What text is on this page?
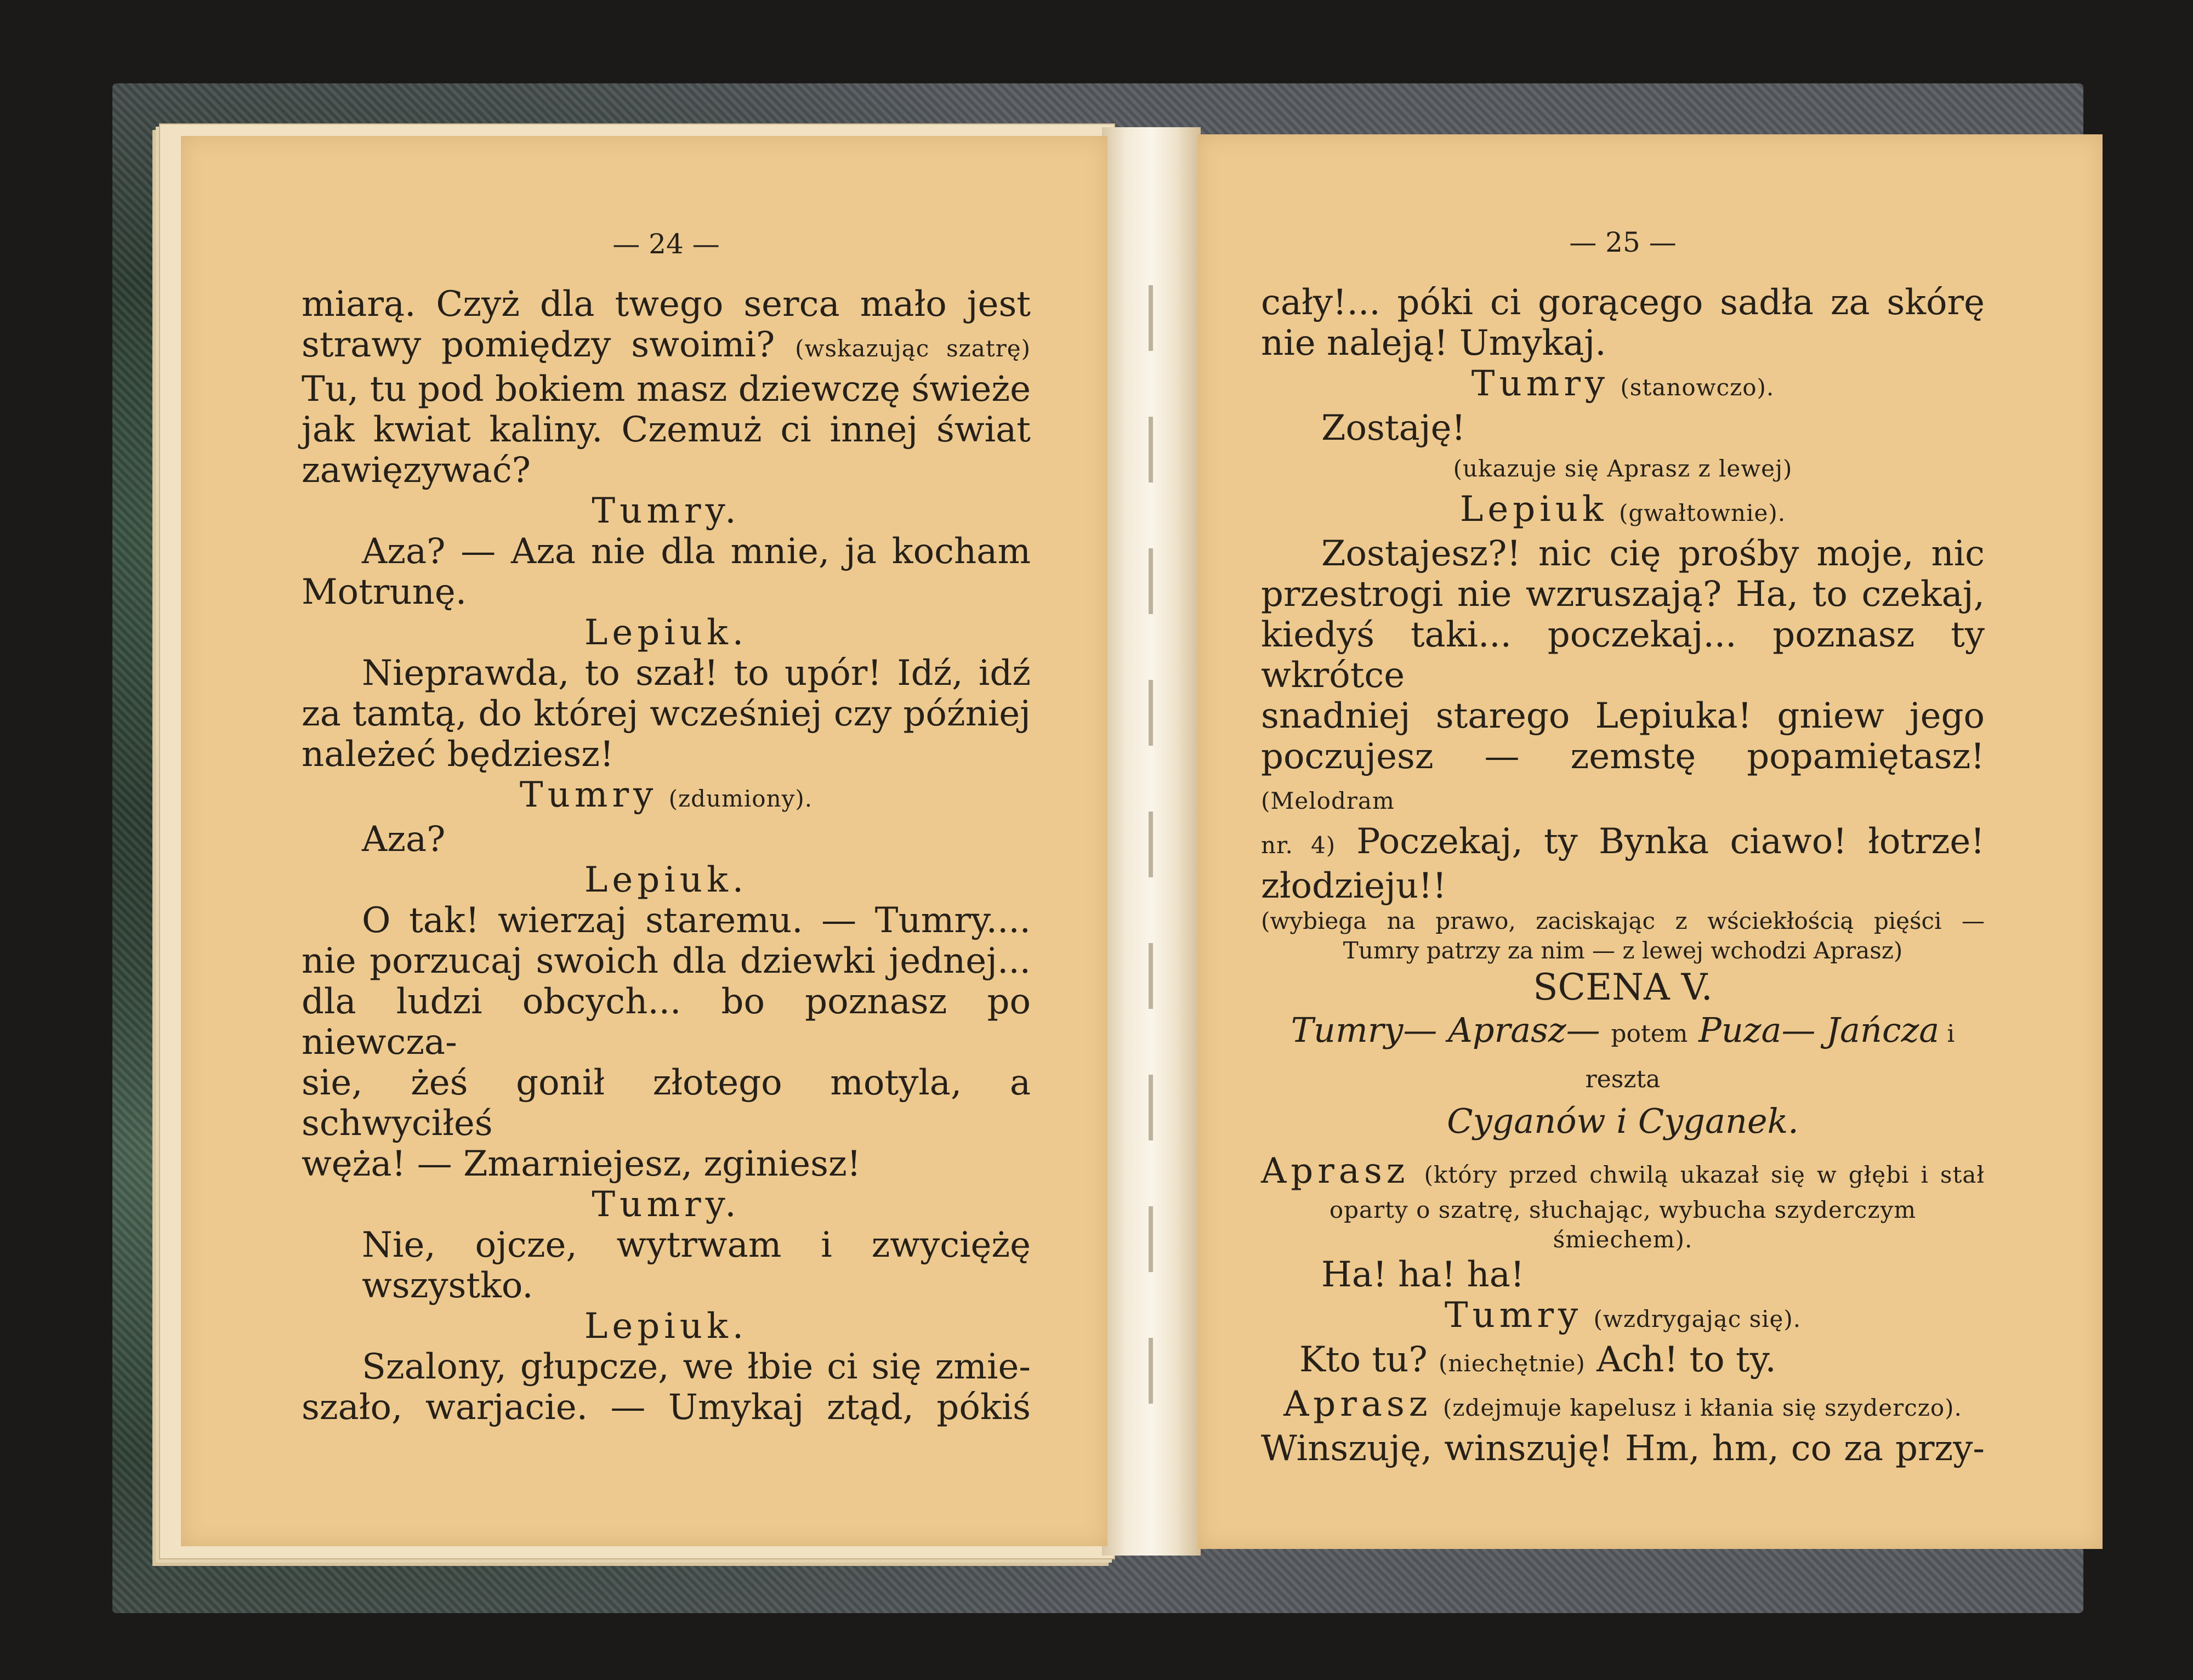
— 24 —

miarą. Czyż dla twego serca mało jest

strawy pomiędzy swoimi? (wskazując szatrę)

Tu, tu pod bokiem masz dziewczę świeże

jak kwiat kaliny. Czemuż ci innej świat

zawięzywać?

Tumry.

Aza? — Aza nie dla mnie, ja kocham

Motrunę.

Lepiuk.

Nieprawda, to szał! to upór! Idź, idź

za tamtą, do której wcześniej czy później

należeć będziesz!

Tumry (zdumiony).

Aza?

Lepiuk.

O tak! wierzaj staremu. — Tumry....

nie porzucaj swoich dla dziewki jednej...

dla ludzi obcych... bo poznasz po niewcza-

sie, żeś gonił złotego motyla, a schwyciłeś

węża! — Zmarniejesz, zginiesz!

Tumry.

Nie, ojcze, wytrwam i zwyciężę wszystko.

Lepiuk.

Szalony, głupcze, we łbie ci się zmie-

szało, warjacie. — Umykaj ztąd, pókiś

— 25 —

cały!... póki ci gorącego sadła za skórę

nie naleją! Umykaj.

Tumry (stanowczo).

Zostaję!

(ukazuje się Aprasz z lewej)

Lepiuk (gwałtownie).

Zostajesz?! nic cię prośby moje, nic

przestrogi nie wzruszają? Ha, to czekaj,

kiedyś taki... poczekaj... poznasz ty wkrótce

snadniej starego Lepiuka! gniew jego

poczujesz — zemstę popamiętasz! (Melodram

nr. 4) Poczekaj, ty Bynka ciawo! łotrze!

złodzieju!!

(wybiega na prawo, zaciskając z wściekłością pięści —

Tumry patrzy za nim — z lewej wchodzi Aprasz)

SCENA V.

Tumry— Aprasz— potem Puza— Jańcza i reszta

Cyganów i Cyganek.

Aprasz (który przed chwilą ukazał się w głębi i stał

oparty o szatrę, słuchając, wybucha szyderczym śmiechem).

Ha! ha! ha!

Tumry (wzdrygając się).

Kto tu? (niechętnie) Ach! to ty.

Aprasz (zdejmuje kapelusz i kłania się szyderczo).

Winszuję, winszuję! Hm, hm, co za przy-
